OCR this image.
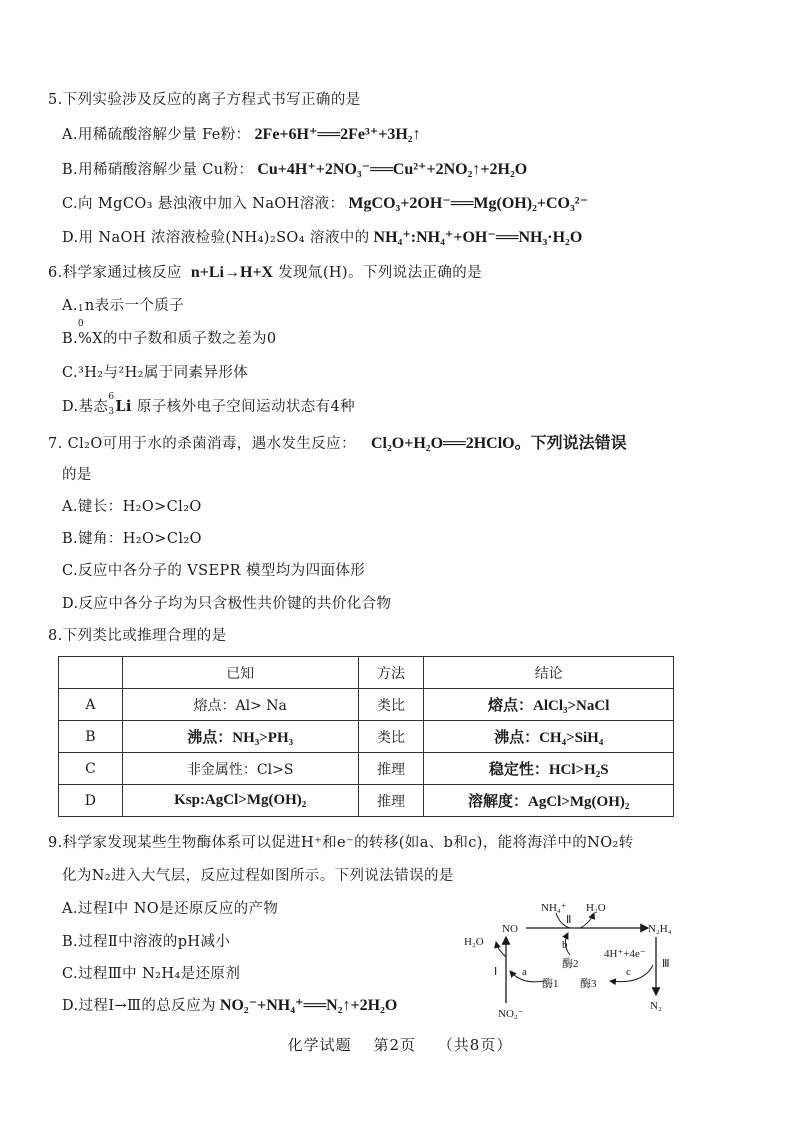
5.下列实验涉及反应的离子方程式书写正确的是
A.用稀硫酸溶解少量 Fe粉： 2Fe+6H⁺══2Fe³⁺+3H₂↑
B.用稀硝酸溶解少量 Cu粉： Cu+4H⁺+2NO₃⁻══Cu²⁺+2NO₂↑+2H₂O
C.向 MgCO₃ 悬浊液中加入 NaOH溶液： MgCO₃+2OH⁻══Mg(OH)₂+CO₃²⁻
D.用 NaOH 浓溶液检验(NH₄)₂SO₄ 溶液中的 NH₄⁺:NH₄⁺+OH⁻══NH₃·H₂O
6.科学家通过核反应 n+Li→H+X 发现氚(H)。下列说法正确的是
A. 1
0
n表示一个质子
B.%X的中子数和质子数之差为0
C.³H₂与²H₂属于同素异形体
D.基态
6
3 Li 原子核外电子空间运动状态有4种
7. Cl₂O可用于水的杀菌消毒，遇水发生反应： Cl₂O+H₂O══2HClO。下列说法错误
的是
A.键长：H₂O>Cl₂O
B.键角：H₂O>Cl₂O
C.反应中各分子的 VSEPR 模型均为四面体形
D.反应中各分子均为只含极性共价键的共价化合物
8.下列类比或推理合理的是
	已知	方法	结论
A	熔点：Al> Na	类比	熔点：AlCl₃>NaCl
B	沸点：NH₃>PH₃	类比	沸点：CH₄>SiH₄
C	非金属性：Cl>S	推理	稳定性：HCl>H₂S
D	Ksp:AgCl>Mg(OH)₂	推理	溶解度：AgCl>Mg(OH)₂
9.科学家发现某些生物酶体系可以促进H⁺和e⁻的转移(如a、b和c)，能将海洋中的NO₂转
化为N₂进入大气层，反应过程如图所示。下列说法错误的是
A.过程Ⅰ中 NO是还原反应的产物
B.过程Ⅱ中溶液的pH减小
C.过程Ⅲ中 N₂H₄是还原剂
D.过程Ⅰ→Ⅲ的总反应为 NO₂⁻+NH₄⁺══N₂↑+2H₂O
NH₄⁺ H₂O
N₂H₄
NO
H₂O
NO₂⁻
N₂
Ⅰ
Ⅱ
Ⅲ
a
b
c
酶1
酶2
酶3
4H⁺+4e⁻
化学试题 第2页 （共8页）
